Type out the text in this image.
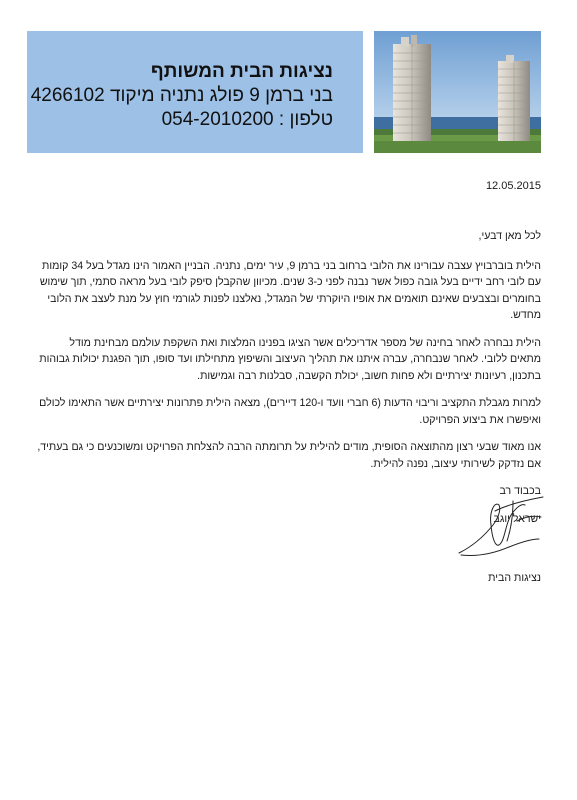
נציגות הבית המשותף
בני ברמן 9 פולג נתניה מיקוד 4266102
טלפון : 054-2010200
12.05.2015

לכל מאן דבעי,

הילית בוברבויץ עצבה עבורינו את הלובי ברחוב בני ברמן 9, עיר ימים, נתניה. הבניין האמור הינו מגדל בעל 34 קומות עם לובי רחב ידיים בעל גובה כפול אשר נבנה לפני כ-3 שנים. מכיוון שהקבלן סיפק לובי בעל מראה סתמי, תוך שימוש בחומרים ובצבעים שאינם תואמים את אופיו היוקרתי של המגדל, נאלצנו לפנות לגורמי חוץ על מנת לעצב את הלובי מחדש.

הילית נבחרה לאחר בחינה של מספר אדריכלים אשר הציגו בפנינו המלצות ואת השקפת עולמם מבחינת מודל מתאים ללובי. לאחר שנבחרה, עברה איתנו את תהליך העיצוב והשיפוץ מתחילתו ועד סופו, תוך הפגנת יכולות גבוהות בתכנון, רעיונות יצירתיים ולא פחות חשוב, יכולת הקשבה, סבלנות רבה וגמישות.

למרות מגבלת התקציב וריבוי הדעות (6 חברי וועד ו-120 דיירים), מצאה הילית פתרונות יצירתיים אשר התאימו לכולם ואיפשרו את ביצוע הפרויקט.

אנו מאוד שבעי רצון מהתוצאה הסופית, מודים להילית על תרומתה הרבה להצלחת הפרויקט ומשוכנעים כי גם בעתיד, אם נזדקק לשירותי עיצוב, נפנה להילית.

בכבוד רב

ישראל יוגב

נציגות הבית
